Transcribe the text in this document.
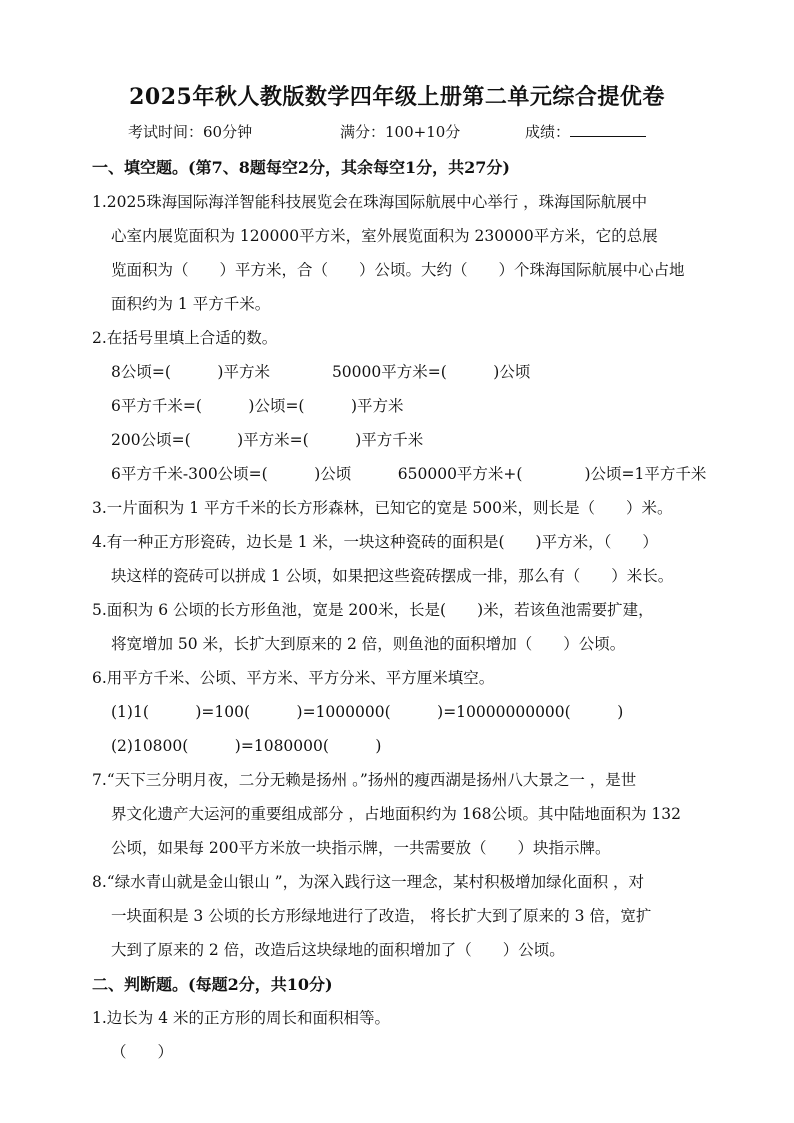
2025年秋人教版数学四年级上册第二单元综合提优卷
考试时间：60分钟	满分：100+10分	成绩：
一、填空题。(第7、8题每空2分，其余每空1分，共27分)
1.2025珠海国际海洋智能科技展览会在珠海国际航展中心举行 ，珠海国际航展中
心室内展览面积为 120000平方米，室外展览面积为 230000平方米，它的总展
览面积为（　　）平方米，合（　　）公顷。大约（　　）个珠海国际航展中心占地
面积约为 1 平方千米。
2.在括号里填上合适的数。
8公顷=(　　　)平方米　　　　50000平方米=(　　　)公顷
6平方千米=(　　　)公顷=(　　　)平方米
200公顷=(　　　)平方米=(　　　)平方千米
6平方千米-300公顷=(　　　)公顷　　　650000平方米+(　　　　)公顷=1平方千米
3.一片面积为 1 平方千米的长方形森林，已知它的宽是 500米，则长是（　　）米。
4.有一种正方形瓷砖，边长是 1 米，一块这种瓷砖的面积是(　　)平方米，（　　）
块这样的瓷砖可以拼成 1 公顷，如果把这些瓷砖摆成一排，那么有（　　）米长。
5.面积为 6 公顷的长方形鱼池，宽是 200米，长是(　　)米，若该鱼池需要扩建，
将宽增加 50 米，长扩大到原来的 2 倍，则鱼池的面积增加（　　）公顷。
6.用平方千米、公顷、平方米、平方分米、平方厘米填空。
(1)1(　　　)=100(　　　)=1000000(　　　)=10000000000(　　　)
(2)10800(　　　)=1080000(　　　)
7.“天下三分明月夜，二分无赖是扬州 。”扬州的瘦西湖是扬州八大景之一 ，是世
界文化遗产大运河的重要组成部分 ，占地面积约为 168公顷。其中陆地面积为 132
公顷，如果每 200平方米放一块指示牌，一共需要放（　　）块指示牌。
8.“绿水青山就是金山银山 ”，为深入践行这一理念，某村积极增加绿化面积 ，对
一块面积是 3 公顷的长方形绿地进行了改造， 将长扩大到了原来的 3 倍，宽扩
大到了原来的 2 倍，改造后这块绿地的面积增加了（　　）公顷。
二、判断题。(每题2分，共10分)
1.边长为 4 米的正方形的周长和面积相等。
（　　）
